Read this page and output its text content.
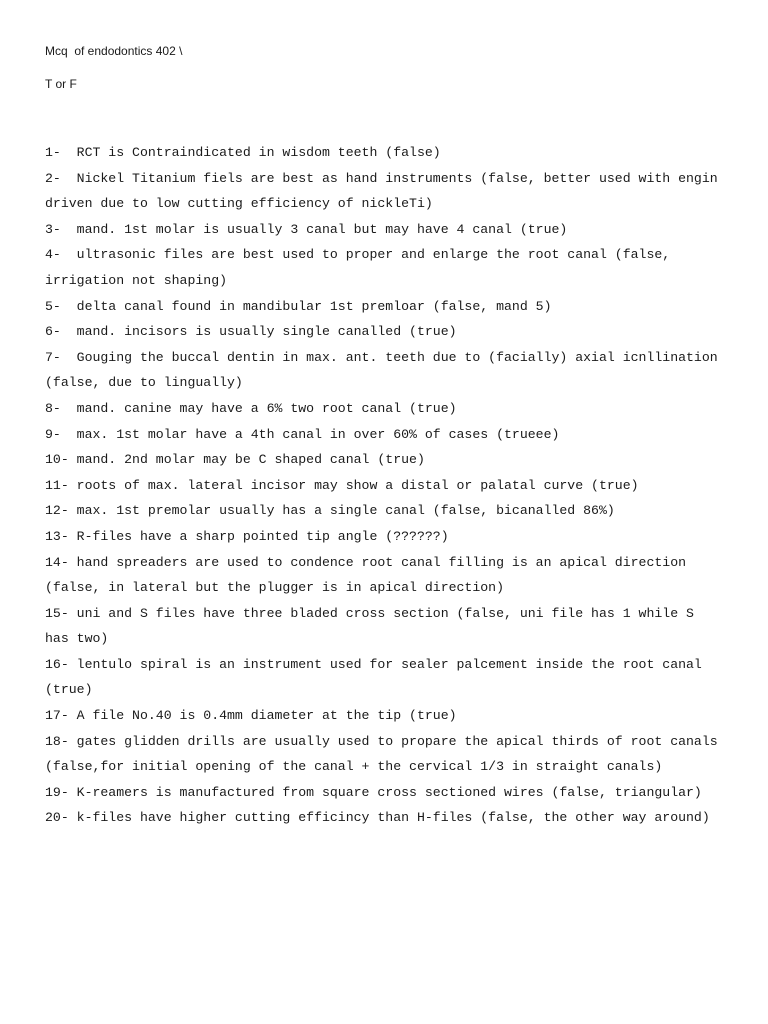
Mcq  of endodontics 402 \

T or F

1-  RCT is Contraindicated in wisdom teeth (false)
2-  Nickel Titanium fiels are best as hand instruments (false, better used with engin driven due to low cutting efficiency of nickleTi)
3-  mand. 1st molar is usually 3 canal but may have 4 canal (true)
4-  ultrasonic files are best used to proper and enlarge the root canal (false, irrigation not shaping)
5-  delta canal found in mandibular 1st premloar (false, mand 5)
6-  mand. incisors is usually single canalled (true)
7-  Gouging the buccal dentin in max. ant. teeth due to (facially) axial icnllination (false, due to lingually)
8-  mand. canine may have a 6% two root canal (true)
9-  max. 1st molar have a 4th canal in over 60% of cases (trueee)
10- mand. 2nd molar may be C shaped canal (true)
11- roots of max. lateral incisor may show a distal or palatal curve (true)
12- max. 1st premolar usually has a single canal (false, bicanalled 86%)
13- R-files have a sharp pointed tip angle (??????)
14- hand spreaders are used to condence root canal filling is an apical direction (false, in lateral but the plugger is in apical direction)
15- uni and S files have three bladed cross section (false, uni file has 1 while S has two)
16- lentulo spiral is an instrument used for sealer palcement inside the root canal (true)
17- A file No.40 is 0.4mm diameter at the tip (true)
18- gates glidden drills are usually used to propare the apical thirds of root canals (false,for initial opening of the canal + the cervical 1/3 in straight canals)
19- K-reamers is manufactured from square cross sectioned wires (false, triangular)
20- k-files have higher cutting efficincy than H-files (false, the other way around)
